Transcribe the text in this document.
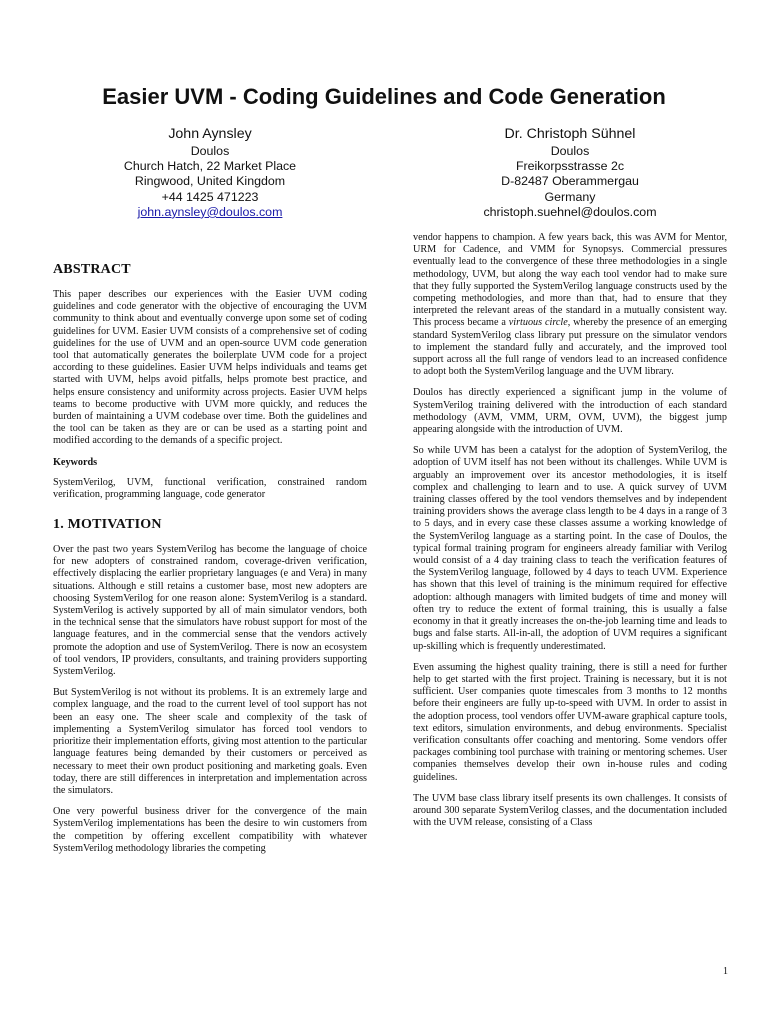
Easier UVM - Coding Guidelines and Code Generation
John Aynsley
Doulos
Church Hatch, 22 Market Place
Ringwood, United Kingdom
+44 1425 471223
john.aynsley@doulos.com
Dr. Christoph Sühnel
Doulos
Freikorpsstrasse 2c
D-82487 Oberammergau
Germany
christoph.suehnel@doulos.com
ABSTRACT

This paper describes our experiences with the Easier UVM coding guidelines and code generator with the objective of encouraging the UVM community to think about and eventually converge upon some set of coding guidelines for UVM. Easier UVM consists of a comprehensive set of coding guidelines for the use of UVM and an open-source UVM code generation tool that automatically generates the boilerplate UVM code for a project according to these guidelines. Easier UVM helps individuals and teams get started with UVM, helps avoid pitfalls, helps promote best practice, and helps ensure consistency and uniformity across projects. Easier UVM helps teams to become productive with UVM more quickly, and reduces the burden of maintaining a UVM codebase over time. Both the guidelines and the tool can be taken as they are or can be used as a starting point and modified according to the demands of a specific project.

Keywords

SystemVerilog, UVM, functional verification, constrained random verification, programming language, code generator

1. MOTIVATION

Over the past two years SystemVerilog has become the language of choice for new adopters of constrained random, coverage-driven verification, effectively displacing the earlier proprietary languages (e and Vera) in many situations. Although e still retains a customer base, most new adopters are choosing SystemVerilog for one reason alone: SystemVerilog is a standard. SystemVerilog is actively supported by all of main simulator vendors, both in the technical sense that the simulators have robust support for most of the language features, and in the commercial sense that the vendors actively promote the adoption and use of SystemVerilog. There is now an ecosystem of tool vendors, IP providers, consultants, and training providers supporting SystemVerilog.

But SystemVerilog is not without its problems. It is an extremely large and complex language, and the road to the current level of tool support has not been an easy one. The sheer scale and complexity of the task of implementing a SystemVerilog simulator has forced tool vendors to prioritize their implementation efforts, giving most attention to the particular language features being demanded by their customers or perceived as necessary to meet their own product positioning and marketing goals. Even today, there are still differences in interpretation and implementation across the simulators.

One very powerful business driver for the convergence of the main SystemVerilog implementations has been the desire to win customers from the competition by offering excellent compatibility with whatever SystemVerilog methodology libraries the competing

vendor happens to champion. A few years back, this was AVM for Mentor, URM for Cadence, and VMM for Synopsys. Commercial pressures eventually lead to the convergence of these three methodologies in a single methodology, UVM, but along the way each tool vendor had to make sure that they fully supported the SystemVerilog language constructs used by the competing methodologies, and more than that, had to ensure that they interpreted the relevant areas of the standard in a mutually consistent way. This process became a virtuous circle, whereby the presence of an emerging standard SystemVerilog class library put pressure on the simulator vendors to implement the standard fully and accurately, and the improved tool support across all the full range of vendors lead to an increased confidence to adopt both the SystemVerilog language and the UVM library.

Doulos has directly experienced a significant jump in the volume of SystemVerilog training delivered with the introduction of each standard methodology (AVM, VMM, URM, OVM, UVM), the biggest jump appearing alongside with the introduction of UVM.

So while UVM has been a catalyst for the adoption of SystemVerilog, the adoption of UVM itself has not been without its challenges. While UVM is arguably an improvement over its ancestor methodologies, it is itself complex and challenging to learn and to use. A quick survey of UVM training classes offered by the tool vendors themselves and by independent training providers shows the average class length to be 4 days in a range of 3 to 5 days, and in every case these classes assume a working knowledge of the SystemVerilog language as a starting point. In the case of Doulos, the typical formal training program for engineers already familiar with Verilog would consist of a 4 day training class to teach the verification features of the SystemVerilog language, followed by 4 days to teach UVM. Experience has shown that this level of training is the minimum required for effective adoption: although managers with limited budgets of time and money will often try to reduce the extent of formal training, this is usually a false economy in that it greatly increases the on-the-job learning time and leads to bugs and false starts. All-in-all, the adoption of UVM requires a significant up-skilling which is frequently underestimated.

Even assuming the highest quality training, there is still a need for further help to get started with the first project. Training is necessary, but it is not sufficient. User companies quote timescales from 3 months to 12 months before their engineers are fully up-to-speed with UVM. In order to assist in the adoption process, tool vendors offer UVM-aware graphical capture tools, text editors, simulation environments, and debug environments. Specialist verification consultants offer coaching and mentoring. Some vendors offer packages combining tool purchase with training or mentoring schemes. User companies themselves develop their own in-house rules and coding guidelines.

The UVM base class library itself presents its own challenges. It consists of around 300 separate SystemVerilog classes, and the documentation included with the UVM release, consisting of a Class

1
